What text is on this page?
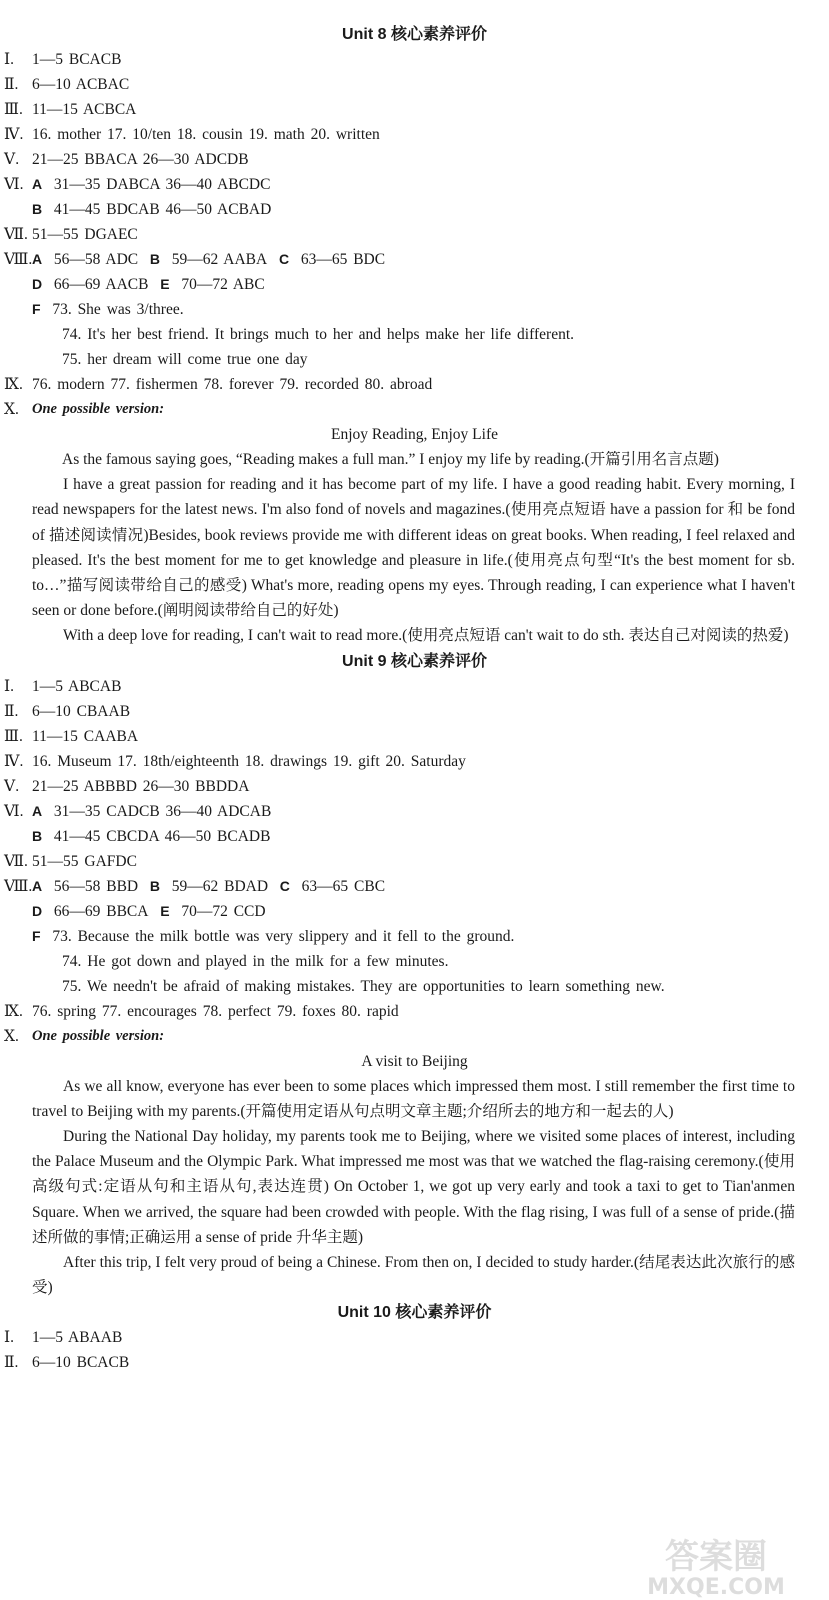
Unit 8 核心素养评价
Ⅰ. 1—5 BCACB
Ⅱ. 6—10 ACBAC
Ⅲ. 11—15 ACBCA
Ⅳ. 16. mother 17. 10/ten 18. cousin 19. math 20. written
Ⅴ. 21—25 BBACA 26—30 ADCDB
Ⅵ. A 31—35 DABCA 36—40 ABCDC
B 41—45 BDCAB 46—50 ACBAD
Ⅶ. 51—55 DGAEC
Ⅷ. A 56—58 ADC B 59—62 AABA C 63—65 BDC
D 66—69 AACB E 70—72 ABC
F 73. She was 3/three.
74. It's her best friend. It brings much to her and helps make her life different.
75. her dream will come true one day
Ⅸ. 76. modern 77. fishermen 78. forever 79. recorded 80. abroad
Ⅹ. One possible version:
Enjoy Reading, Enjoy Life

As the famous saying goes, “Reading makes a full man.” I enjoy my life by reading.(开篇引用名言点题)

I have a great passion for reading and it has become part of my life. I have a good reading habit. Every morning, I read newspapers for the latest news. I'm also fond of novels and magazines.(使用亮点短语 have a passion for 和 be fond of 描述阅读情况)Besides, book reviews provide me with different ideas on great books. When reading, I feel relaxed and pleased. It's the best moment for me to get knowledge and pleasure in life.(使用亮点句型“It's the best moment for sb. to…”描写阅读带给自己的感受) What's more, reading opens my eyes. Through reading, I can experience what I haven't seen or done before.(阐明阅读带给自己的好处)

With a deep love for reading, I can't wait to read more.(使用亮点短语 can't wait to do sth. 表达自己对阅读的热爱)

Unit 9 核心素养评价
Ⅰ. 1—5 ABCAB
Ⅱ. 6—10 CBAAB
Ⅲ. 11—15 CAABA
Ⅳ. 16. Museum 17. 18th/eighteenth 18. drawings 19. gift 20. Saturday
Ⅴ. 21—25 ABBBD 26—30 BBDDA
Ⅵ. A 31—35 CADCB 36—40 ADCAB
B 41—45 CBCDA 46—50 BCADB
Ⅶ. 51—55 GAFDC
Ⅷ. A 56—58 BBD B 59—62 BDAD C 63—65 CBC
D 66—69 BBCA E 70—72 CCD
F 73. Because the milk bottle was very slippery and it fell to the ground.
74. He got down and played in the milk for a few minutes.
75. We needn't be afraid of making mistakes. They are opportunities to learn something new.
Ⅸ. 76. spring 77. encourages 78. perfect 79. foxes 80. rapid
Ⅹ. One possible version:
A visit to Beijing

As we all know, everyone has ever been to some places which impressed them most. I still remember the first time to travel to Beijing with my parents.(开篇使用定语从句点明文章主题;介绍所去的地方和一起去的人)

During the National Day holiday, my parents took me to Beijing, where we visited some places of interest, including the Palace Museum and the Olympic Park. What impressed me most was that we watched the flag-raising ceremony.(使用高级句式:定语从句和主语从句,表达连贯) On October 1, we got up very early and took a taxi to get to Tian'anmen Square. When we arrived, the square had been crowded with people. With the flag rising, I was full of a sense of pride.(描述所做的事情;正确运用 a sense of pride 升华主题)

After this trip, I felt very proud of being a Chinese. From then on, I decided to study harder.(结尾表达此次旅行的感受)

Unit 10 核心素养评价
Ⅰ. 1—5 ABAAB
Ⅱ. 6—10 BCACB
答案圈
MXQE.COM
